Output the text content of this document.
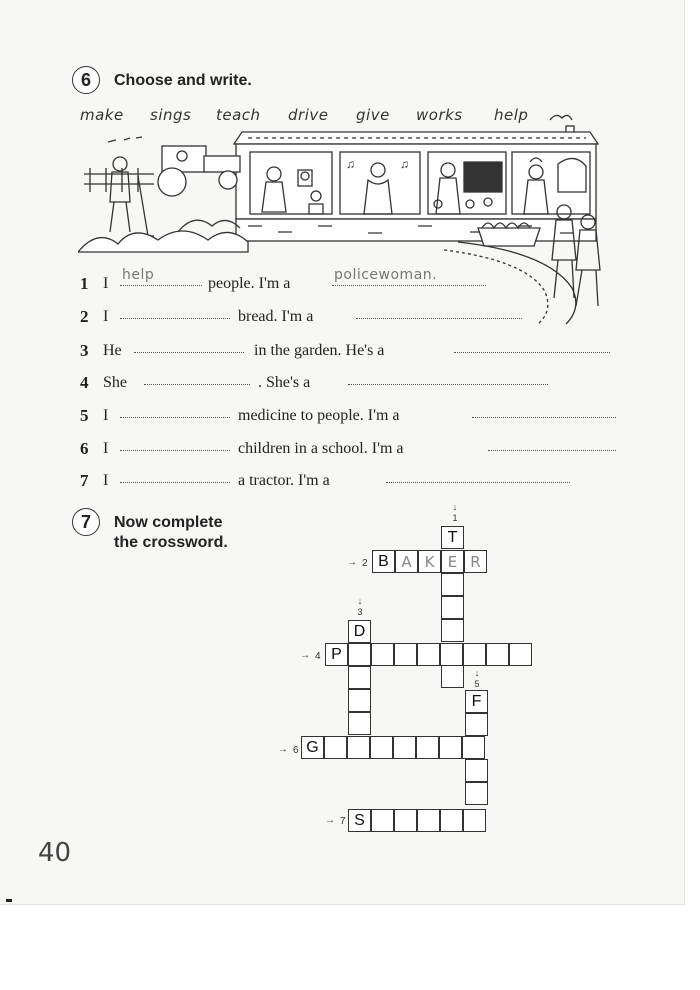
6	Choose and write.
make sings teach drive give works help
♫	♫
1 I help	people. I'm a	policewoman.
2 I	bread. I'm a
3 He	in the garden. He's a
4 She	. She's a
5 I	medicine to people. I'm a
6 I	children in a school. I'm a
7 I	a tractor. I'm a
7	Now complete
the crossword.
↓
1
↓
3
↓
5
→ 2
→ 4
→ 6
→ 7
T
B A K E R
D
P
F
G
S
40
